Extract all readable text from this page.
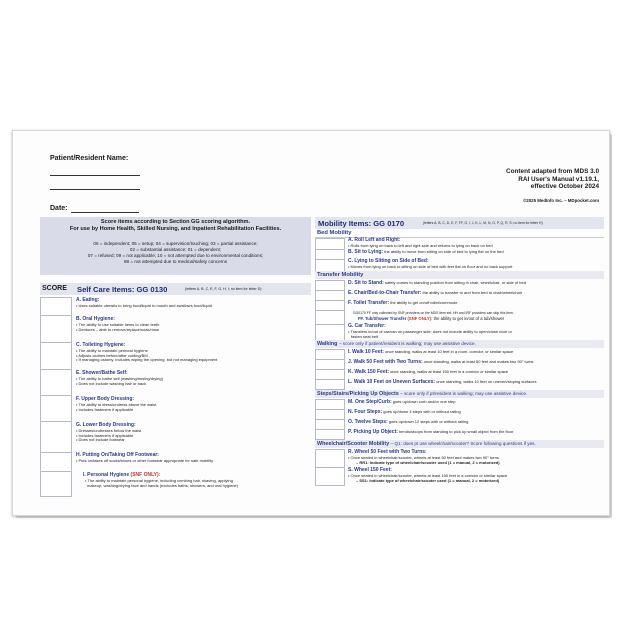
Patient/Resident Name:
Date:
Content adapted from MDS 3.0
RAI User's Manual v1.19.1,
effective October 2024
©2025 MedInfo Inc. – MDpocket.com
Score items according to Section GG scoring algorithm.
For use by Home Health, Skilled Nursing, and Inpatient Rehabilitation Facilities.
06 = independent; 05 = setup; 04 = supervision/touching; 03 = partial assistance;
02 = substantial assistance; 01 = dependent;
07 = refused; 09 = not applicable; 10 = not attempted due to environmental conditions;
88 = not attempted due to medical/safety concerns
SCORE Self Care Items: GG 0130	(letters A, B, C, E, F, G, H, I; no item for letter D)
A. Eating:
• Uses suitable utensils to bring food/liquid to mouth and swallows food/liquid
B. Oral Hygiene:
• The ability to use suitable items to clean teeth
• Dentures – able to remove/replace/soak/rinse
C. Toileting Hygiene:
• The ability to maintain perineal hygiene
• Adjusts clothes before/after voiding/BM
• If managing ostomy, includes wiping the opening, but not managing equipment
E. Shower/Bathe Self:
• The ability to bathe self (washing/rinsing/drying)
• Does not include washing hair or back
F. Upper Body Dressing:
• The ability to dress/undress above the waist
• Includes fasteners if applicable
G. Lower Body Dressing:
• Dresses/undresses below the waist
• Includes fasteners if applicable
• Does not include footwear
H. Putting On/Taking Off Footwear:
• Puts on/takes off socks/shoes or other footwear appropriate for safe mobility
I. Personal Hygiene (SNF ONLY):
• The ability to maintain personal hygiene, including combing hair, shaving, applying
makeup, washing/drying face and hands (excludes baths, showers, and oral hygiene)
Mobility Items: GG 0170	(letters A, B, C, D, E, F, FF, G, I, J, K, L, M, N, O, P, Q, R, S; no item for letter H)
Bed Mobility
A. Roll Left and Right:
• Rolls from lying on back to left and right side and returns to lying on back on bed
B. Sit to Lying: the ability to move from sitting on side of bed to lying flat on the bed
C. Lying to Sitting on Side of Bed:
• Moves from lying on back to sitting on side of bed with feet flat on floor and no back support
Transfer Mobility
D. Sit to Stand: safely comes to standing position from sitting in chair, wheelchair, or side of bed
E. Chair/Bed-to-Chair Transfer: the ability to transfer to and from bed to chair/wheelchair
F. Toilet Transfer: the ability to get on/off toilet/commode
GG0170 FF only collected by SNF providers on the MDS item set. HH and IRF providers can skip this item.
FF. Tub/Shower Transfer (SNF ONLY): the ability to get in/out of a tub/shower
G. Car Transfer:
• Transfers in/out of car/van on passenger side; does not include ability to open/close door or
fasten seat belt
Walking – score only if patient/resident is walking; may use assistive device.
I. Walk 10 Feet: once standing, walks at least 10 feet in a room, corridor, or similar space
J. Walk 50 Feet with Two Turns: once standing, walks at least 50 feet and makes two 90° turns
K. Walk 150 Feet: once standing, walks at least 150 feet in a corridor or similar space
L. Walk 10 Feet on Uneven Surfaces: once standing, walks 10 feet on uneven/sloping surfaces
Steps/Stairs/Picking Up Objects – score only if pt/resident is walking; may use assistive device.
M. One Step/Curb: goes up/down curb and/or one step
N. Four Steps: goes up/down 4 steps with or without railing
O. Twelve Steps: goes up/down 12 steps with or without railing
P. Picking Up Object: bends/stoops from standing to pick up small object from the floor
Wheelchair/Scooter Mobility – Q1: does pt use wheelchair/scooter? Score following questions if yes.
R. Wheel 50 Feet with Two Turns:
• Once seated in wheelchair/scooter, wheels at least 50 feet and makes two 90° turns
– RR1: Indicate type of wheelchair/scooter used (1 = manual, 2 = motorized)
S. Wheel 150 Feet:
• Once seated in wheelchair/scooter, wheels at least 150 feet in a corridor or similar space
– SS1: Indicate type of wheelchair/scooter used (1 = manual, 2 = motorized)
